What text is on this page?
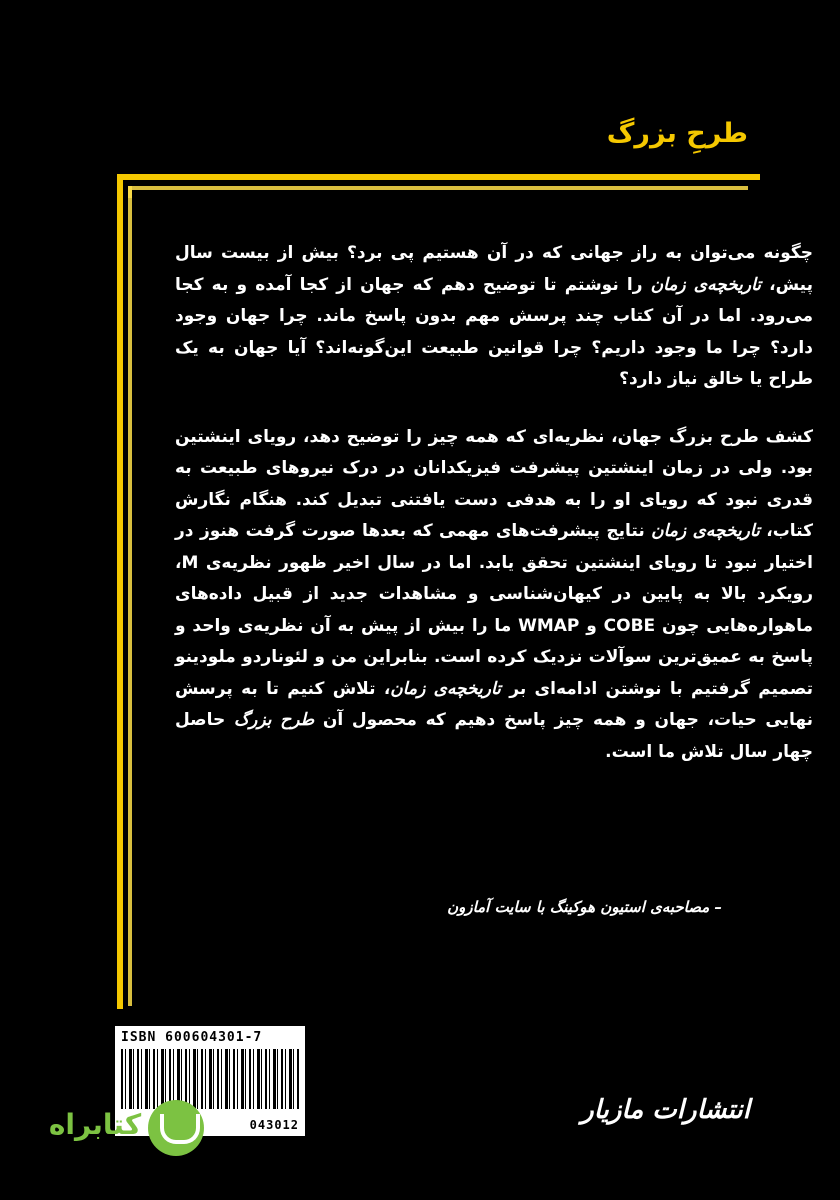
طرحِ بزرگ

چگونه می‌توان به راز جهانی که در آن هستیم پی برد؟ بیش از بیست سال پیش، تاریخچه‌ی زمان را نوشتم تا توضیح دهم که جهان از کجا آمده و به کجا می‌رود. اما در آن کتاب چند پرسش مهم بدون پاسخ ماند. چرا جهان وجود دارد؟ چرا ما وجود داریم؟ چرا قوانین طبیعت این‌گونه‌اند؟ آیا جهان به یک طراح یا خالق نیاز دارد؟

کشف طرح بزرگ جهان، نظریه‌ای که همه چیز را توضیح دهد، رویای اینشتین بود. ولی در زمان اینشتین پیشرفت فیزیکدانان در درک نیروهای طبیعت به قدری نبود که رویای او را به هدفی دست یافتنی تبدیل کند. هنگام نگارش کتاب، تاریخچه‌ی زمان نتایج پیشرفت‌های مهمی که بعدها صورت گرفت هنوز در اختیار نبود تا رویای اینشتین تحقق یابد. اما در سال اخیر ظهور نظریه‌ی M، رویکرد بالا به پایین در کیهان‌شناسی و مشاهدات جدید از قبیل داده‌های ماهواره‌هایی چون COBE و WMAP ما را بیش از پیش به آن نظریه‌ی واحد و پاسخ به عمیق‌ترین سوآلات نزدیک کرده است. بنابراین من و لئوناردو ملودینو تصمیم گرفتیم با نوشتن ادامه‌ای بر تاریخچه‌ی زمان، تلاش کنیم تا به پرسش نهایی حیات، جهان و همه چیز پاسخ دهیم که محصول آن طرح بزرگ حاصل چهار سال تلاش ما است.

– مصاحبه‌ی استیون هوکینگ با سایت آمازون

ISBN 600604301-7
043012
کتابراه	انتشارات مازیار
